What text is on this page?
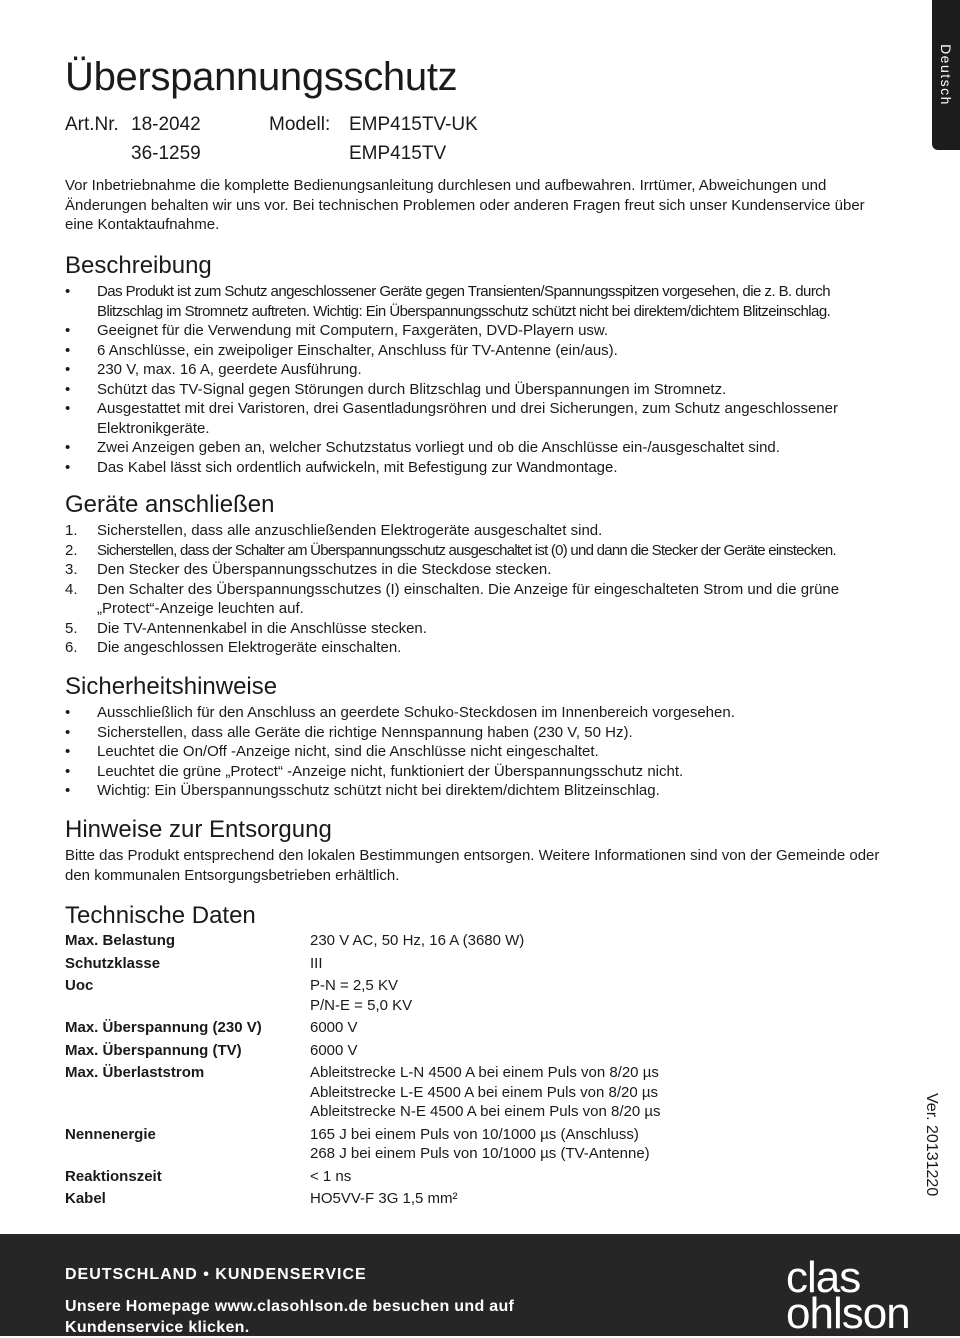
Deutsch
Ver. 20131220
Überspannungsschutz
Art.Nr. 18-2042
36-1259
Modell: EMP415TV-UK
EMP415TV

Vor Inbetriebnahme die komplette Bedienungsanleitung durchlesen und aufbewahren. Irrtümer, Abweichungen und Änderungen behalten wir uns vor. Bei technischen Problemen oder anderen Fragen freut sich unser Kundenservice über eine Kontaktaufnahme.

Beschreibung
• Das Produkt ist zum Schutz angeschlossener Geräte gegen Transienten/Spannungsspitzen vorgesehen, die z. B. durch Blitzschlag im Stromnetz auftreten. Wichtig: Ein Überspannungsschutz schützt nicht bei direktem/dichtem Blitzeinschlag.
• Geeignet für die Verwendung mit Computern, Faxgeräten, DVD-Playern usw.
• 6 Anschlüsse, ein zweipoliger Einschalter, Anschluss für TV-Antenne (ein/aus).
• 230 V, max. 16 A, geerdete Ausführung.
• Schützt das TV-Signal gegen Störungen durch Blitzschlag und Überspannungen im Stromnetz.
• Ausgestattet mit drei Varistoren, drei Gasentladungsröhren und drei Sicherungen, zum Schutz angeschlossener Elektronikgeräte.
• Zwei Anzeigen geben an, welcher Schutzstatus vorliegt und ob die Anschlüsse ein-/ausgeschaltet sind.
• Das Kabel lässt sich ordentlich aufwickeln, mit Befestigung zur Wandmontage.
Geräte anschließen
1. Sicherstellen, dass alle anzuschließenden Elektrogeräte ausgeschaltet sind.
2. Sicherstellen, dass der Schalter am Überspannungsschutz ausgeschaltet ist (0) und dann die Stecker der Geräte einstecken.
3. Den Stecker des Überspannungsschutzes in die Steckdose stecken.
4. Den Schalter des Überspannungsschutzes (I) einschalten. Die Anzeige für eingeschalteten Strom und die grüne „Protect“-Anzeige leuchten auf.
5. Die TV-Antennenkabel in die Anschlüsse stecken.
6. Die angeschlossen Elektrogeräte einschalten.
Sicherheitshinweise
• Ausschließlich für den Anschluss an geerdete Schuko-Steckdosen im Innenbereich vorgesehen.
• Sicherstellen, dass alle Geräte die richtige Nennspannung haben (230 V, 50 Hz).
• Leuchtet die On/Off -Anzeige nicht, sind die Anschlüsse nicht eingeschaltet.
• Leuchtet die grüne „Protect“ -Anzeige nicht, funktioniert der Überspannungsschutz nicht.
• Wichtig: Ein Überspannungsschutz schützt nicht bei direktem/dichtem Blitzeinschlag.
Hinweise zur Entsorgung

Bitte das Produkt entsprechend den lokalen Bestimmungen entsorgen. Weitere Informationen sind von der Gemeinde oder den kommunalen Entsorgungsbetrieben erhältlich.

Technische Daten
Max. Belastung	230 V AC, 50 Hz, 16 A (3680 W)
Schutzklasse	III
Uoc	P-N = 2,5 KV
P/N-E = 5,0 KV
Max. Überspannung (230 V)	6000 V
Max. Überspannung (TV)	6000 V
Max. Überlaststrom	Ableitstrecke L-N 4500 A bei einem Puls von 8/20 µs
Ableitstrecke L-E 4500 A bei einem Puls von 8/20 µs
Ableitstrecke N-E 4500 A bei einem Puls von 8/20 µs
Nennenergie	165 J bei einem Puls von 10/1000 µs (Anschluss)
268 J bei einem Puls von 10/1000 µs (TV-Antenne)
Reaktionszeit	< 1 ns
Kabel	HO5VV-F 3G 1,5 mm²
DEUTSCHLAND • KUNDENSERVICE
Unsere Homepage www.clasohlson.de besuchen und auf Kundenservice klicken.
clas
ohlson
